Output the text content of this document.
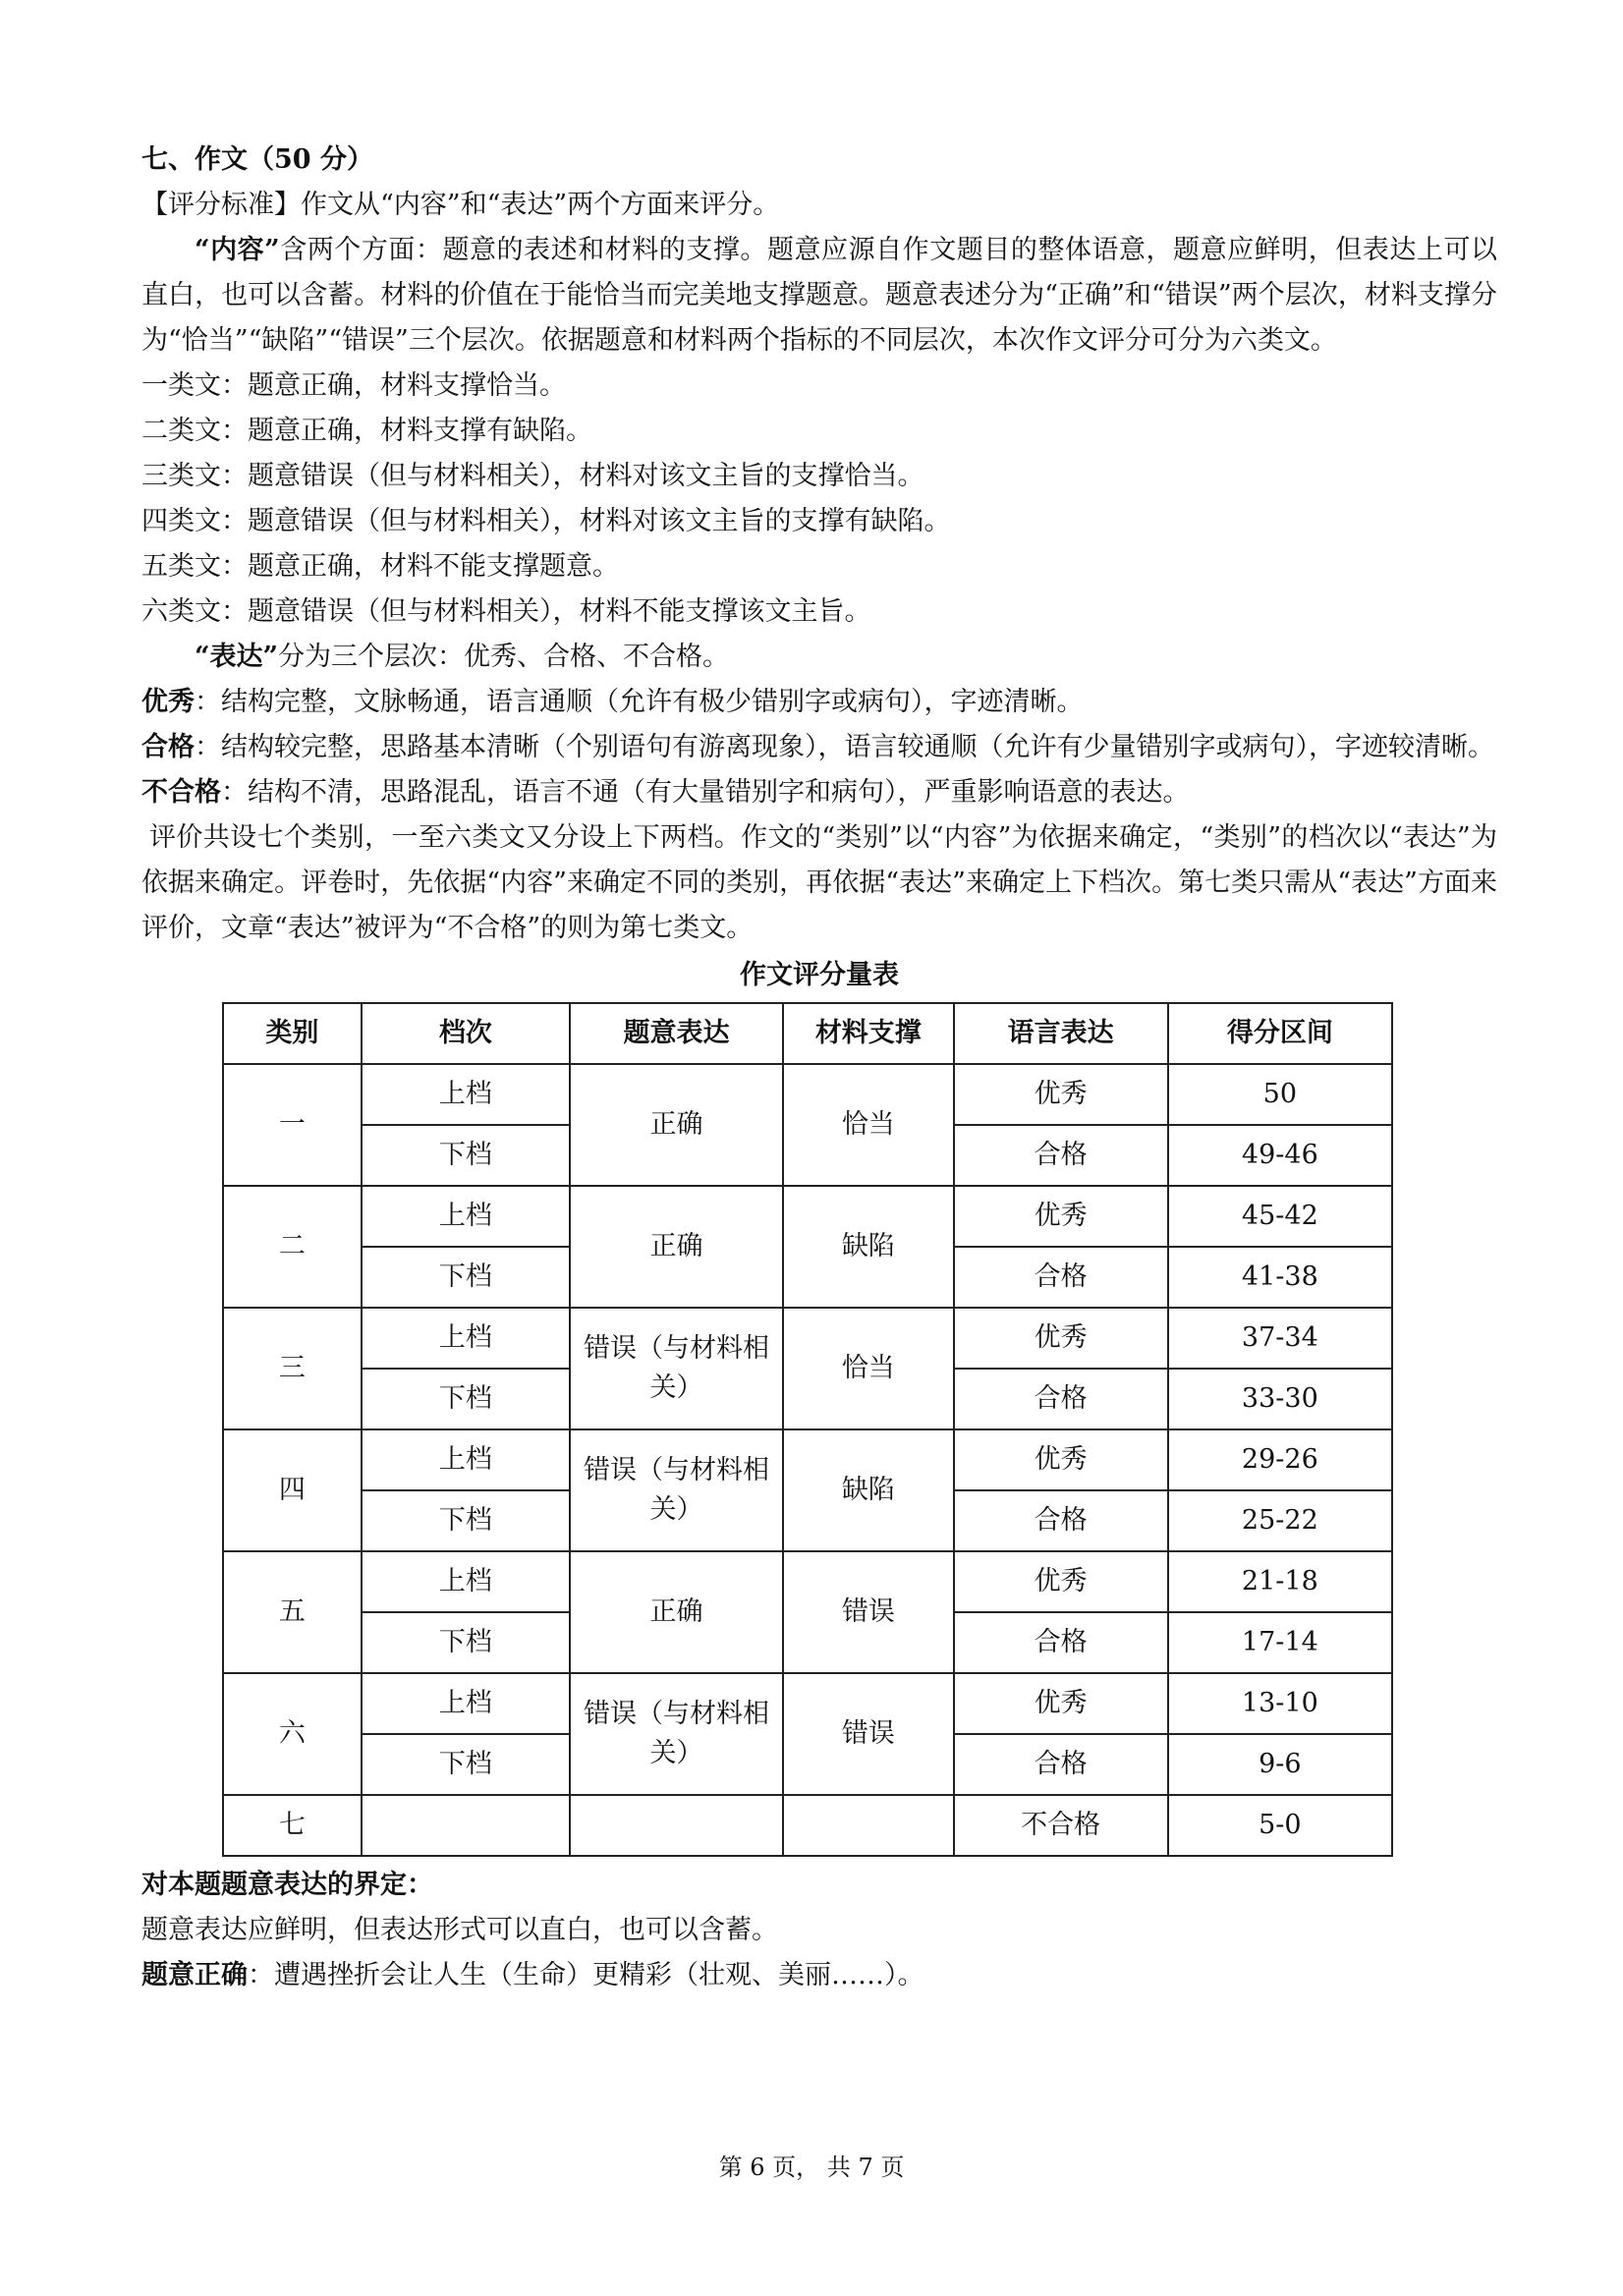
七、作文（50 分）

【评分标准】作文从“内容”和“表达”两个方面来评分。

“内容”含两个方面：题意的表述和材料的支撑。题意应源自作文题目的整体语意，题意应鲜明，但表达上可以直白，也可以含蓄。材料的价值在于能恰当而完美地支撑题意。题意表述分为“正确”和“错误”两个层次，材料支撑分为“恰当”“缺陷”“错误”三个层次。依据题意和材料两个指标的不同层次，本次作文评分可分为六类文。

一类文：题意正确，材料支撑恰当。

二类文：题意正确，材料支撑有缺陷。

三类文：题意错误（但与材料相关），材料对该文主旨的支撑恰当。

四类文：题意错误（但与材料相关），材料对该文主旨的支撑有缺陷。

五类文：题意正确，材料不能支撑题意。

六类文：题意错误（但与材料相关），材料不能支撑该文主旨。

“表达”分为三个层次：优秀、合格、不合格。

优秀：结构完整，文脉畅通，语言通顺（允许有极少错别字或病句），字迹清晰。

合格：结构较完整，思路基本清晰（个别语句有游离现象），语言较通顺（允许有少量错别字或病句），字迹较清晰。

不合格：结构不清，思路混乱，语言不通（有大量错别字和病句），严重影响语意的表达。

评价共设七个类别，一至六类文又分设上下两档。作文的“类别”以“内容”为依据来确定，“类别”的档次以“表达”为依据来确定。评卷时，先依据“内容”来确定不同的类别，再依据“表达”来确定上下档次。第七类只需从“表达”方面来评价，文章“表达”被评为“不合格”的则为第七类文。

作文评分量表

类别	档次	题意表达	材料支撑	语言表达	得分区间
一	上档	正确	恰当	优秀	50
	下档			合格	49-46
二	上档	正确	缺陷	优秀	45-42
	下档			合格	41-38
三	上档	错误（与材料相关）	恰当	优秀	37-34
	下档			合格	33-30
四	上档	错误（与材料相关）	缺陷	优秀	29-26
	下档			合格	25-22
五	上档	正确	错误	优秀	21-18
	下档			合格	17-14
六	上档	错误（与材料相关）	错误	优秀	13-10
	下档			合格	9-6
七				不合格	5-0

对本题题意表达的界定：

题意表达应鲜明，但表达形式可以直白，也可以含蓄。

题意正确：遭遇挫折会让人生（生命）更精彩（壮观、美丽……）。

第 6 页， 共 7 页
